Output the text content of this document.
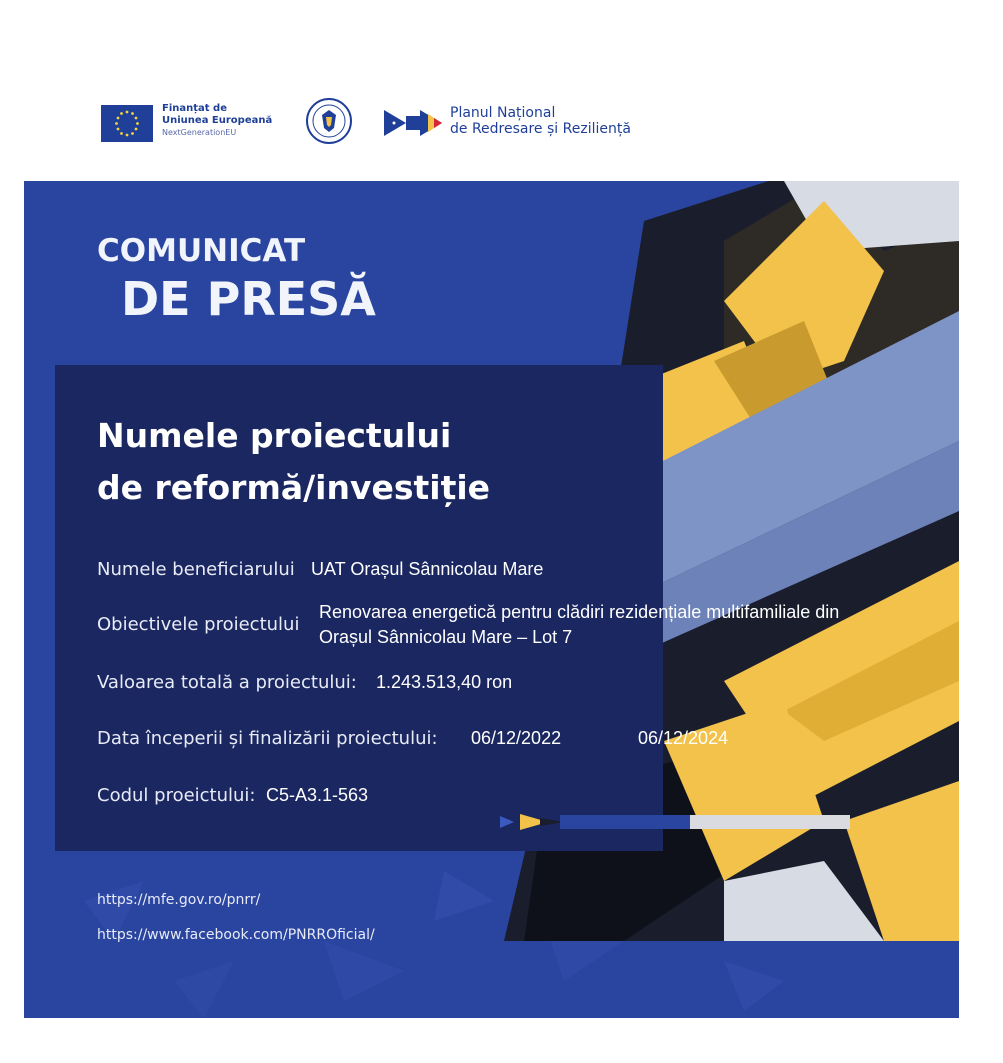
Finanțat de
Uniunea Europeană
NextGenerationEU
Planul Național
de Redresare și Reziliență
COMUNICAT
DE PRESĂ
Numele proiectului
de reformă/investiție
Numele beneficiarului UAT Orașul Sânnicolau Mare
Obiectivele proiectului
Renovarea energetică pentru clădiri rezidențiale multifamiliale din
Orașul Sânnicolau Mare – Lot 7
Valoarea totală a proiectului: 1.243.513,40 ron
Data începerii și finalizării proiectului: 06/12/2022	06/12/2024
Codul proeictului: C5-A3.1-563
https://mfe.gov.ro/pnrr/
https://www.facebook.com/PNRROficial/
